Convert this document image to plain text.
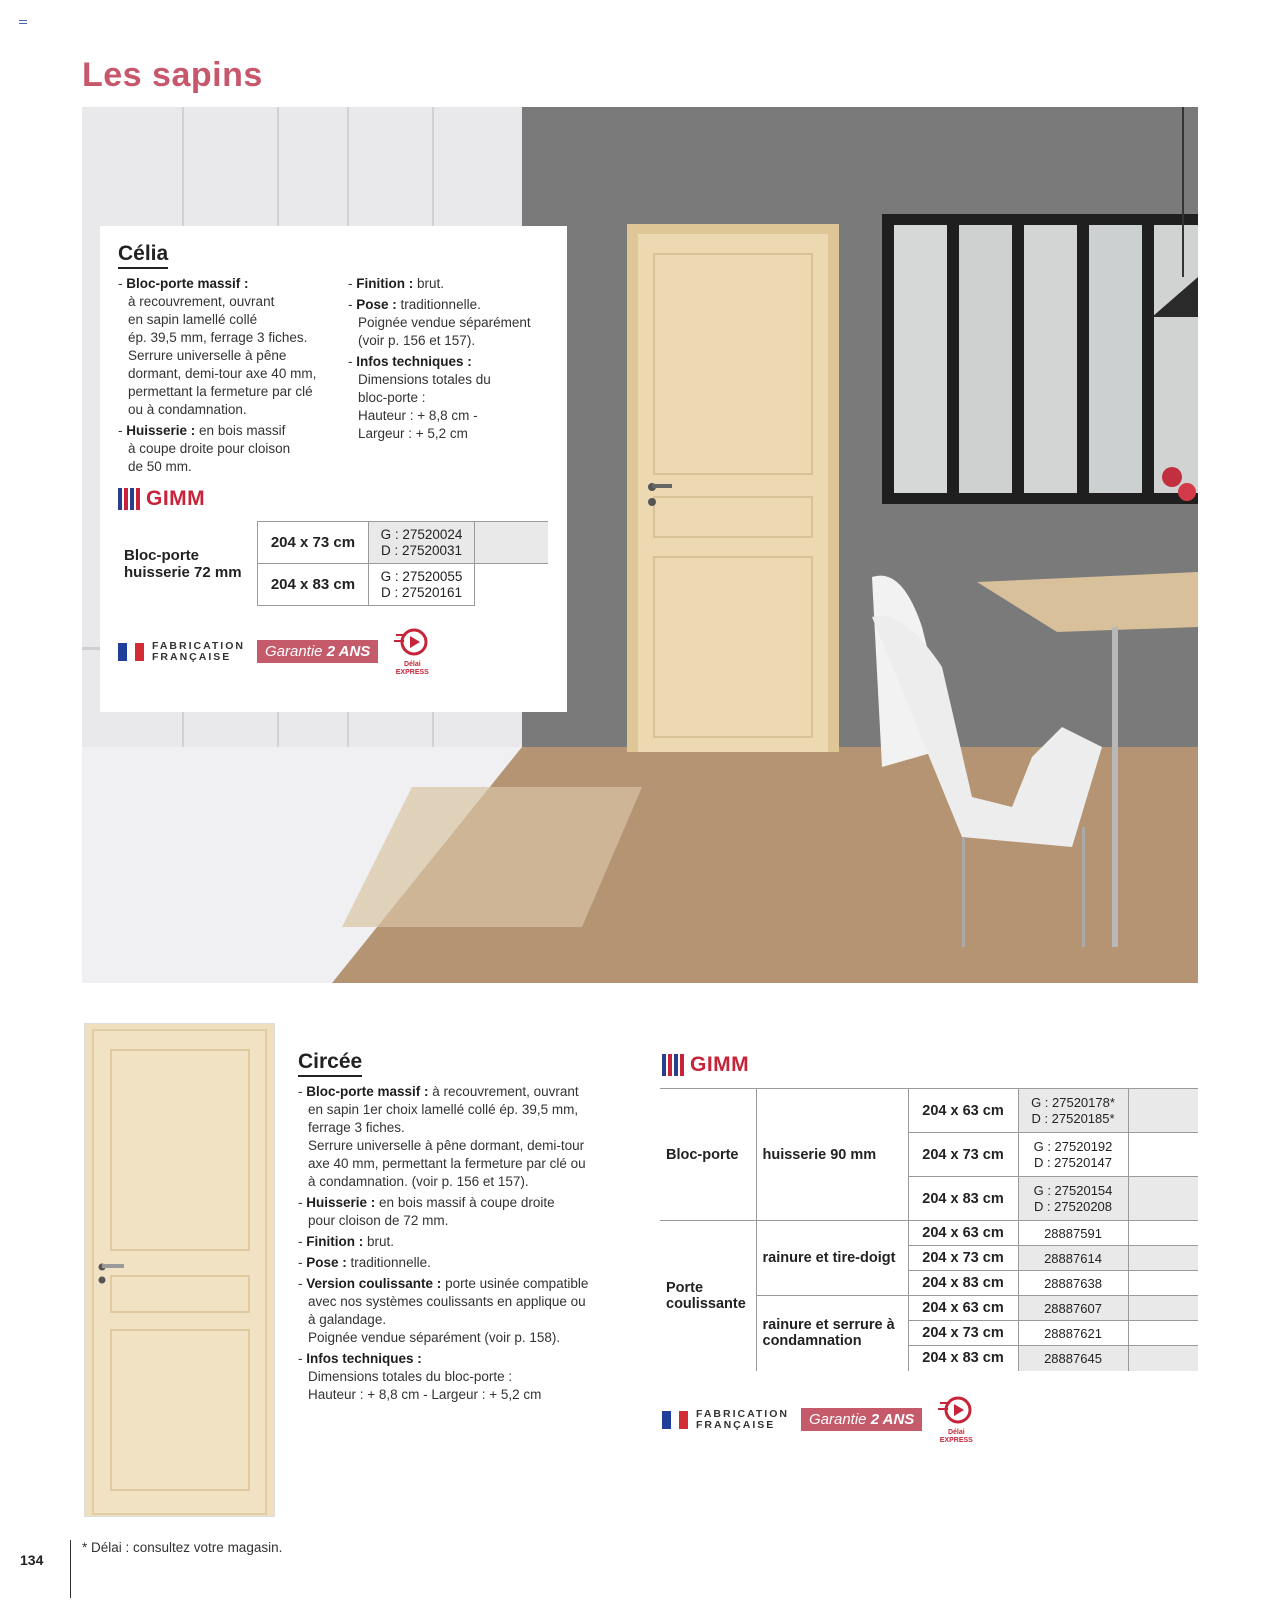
Les sapins
Célia
- Bloc-porte massif :
à recouvrement, ouvrant
en sapin lamellé collé
ép. 39,5 mm, ferrage 3 fiches.
Serrure universelle à pêne
dormant, demi-tour axe 40 mm,
permettant la fermeture par clé
ou à condamnation.
- Huisserie : en bois massif
à coupe droite pour cloison
de 50 mm.
- Finition : brut.
- Pose : traditionnelle.
Poignée vendue séparément
(voir p. 156 et 157).
- Infos techniques :
Dimensions totales du
bloc-porte :
Hauteur : + 8,8 cm -
Largeur : + 5,2 cm
GIMM
Bloc-porte huisserie 72 mm	204 x 73 cm	G : 27520024
D : 27520031	

	204 x 83 cm	G : 27520055
D : 27520161	

FABRICATION
FRANÇAISE	Garantie 2 ANS
Délai
EXPRESS
Circée
- Bloc-porte massif : à recouvrement, ouvrant
en sapin 1er choix lamellé collé ép. 39,5 mm,
ferrage 3 fiches.
Serrure universelle à pêne dormant, demi-tour
axe 40 mm, permettant la fermeture par clé ou
à condamnation. (voir p. 156 et 157).
- Huisserie : en bois massif à coupe droite
pour cloison de 72 mm.
- Finition : brut.
- Pose : traditionnelle.
- Version coulissante : porte usinée compatible
avec nos systèmes coulissants en applique ou
à galandage.
Poignée vendue séparément (voir p. 158).
- Infos techniques :
Dimensions totales du bloc-porte :
Hauteur : + 8,8 cm - Largeur : + 5,2 cm
GIMM
Bloc-porte	huisserie 90 mm	204 x 63 cm	G : 27520178*
D : 27520185*	

		204 x 73 cm	G : 27520192
D : 27520147	

		204 x 83 cm	G : 27520154
D : 27520208	

Porte coulissante	rainure et tire-doigt	204 x 63 cm	28887591	
		204 x 73 cm	28887614	
		204 x 83 cm	28887638	
	rainure et serrure à condamnation	204 x 63 cm	28887607	
		204 x 73 cm	28887621	
		204 x 83 cm	28887645	
FABRICATION
FRANÇAISE	Garantie 2 ANS
Délai
EXPRESS
134
* Délai : consultez votre magasin.
